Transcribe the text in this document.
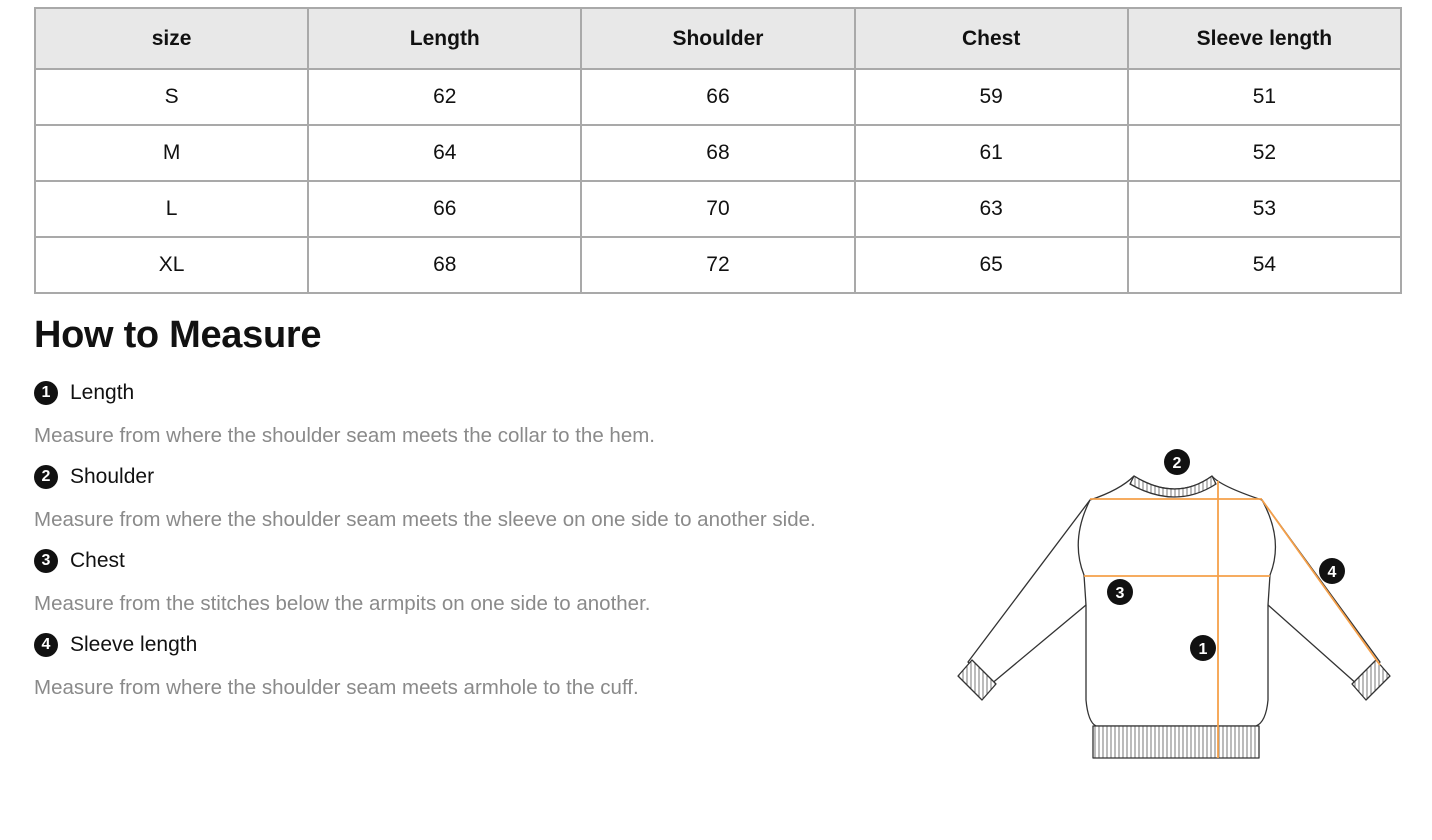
size	Length	Shoulder	Chest	Sleeve length
S	62	66	59	51
M	64	68	61	52
L	66	70	63	53
XL	68	72	65	54
How to Measure
1 Length
Measure from where the shoulder seam meets the collar to the hem.
2 Shoulder
Measure from where the shoulder seam meets the sleeve on one side to another side.
3 Chest
Measure from the stitches below the armpits on one side to another.
4 Sleeve length
Measure from where the shoulder seam meets armhole to the cuff.
2
3
1
4
